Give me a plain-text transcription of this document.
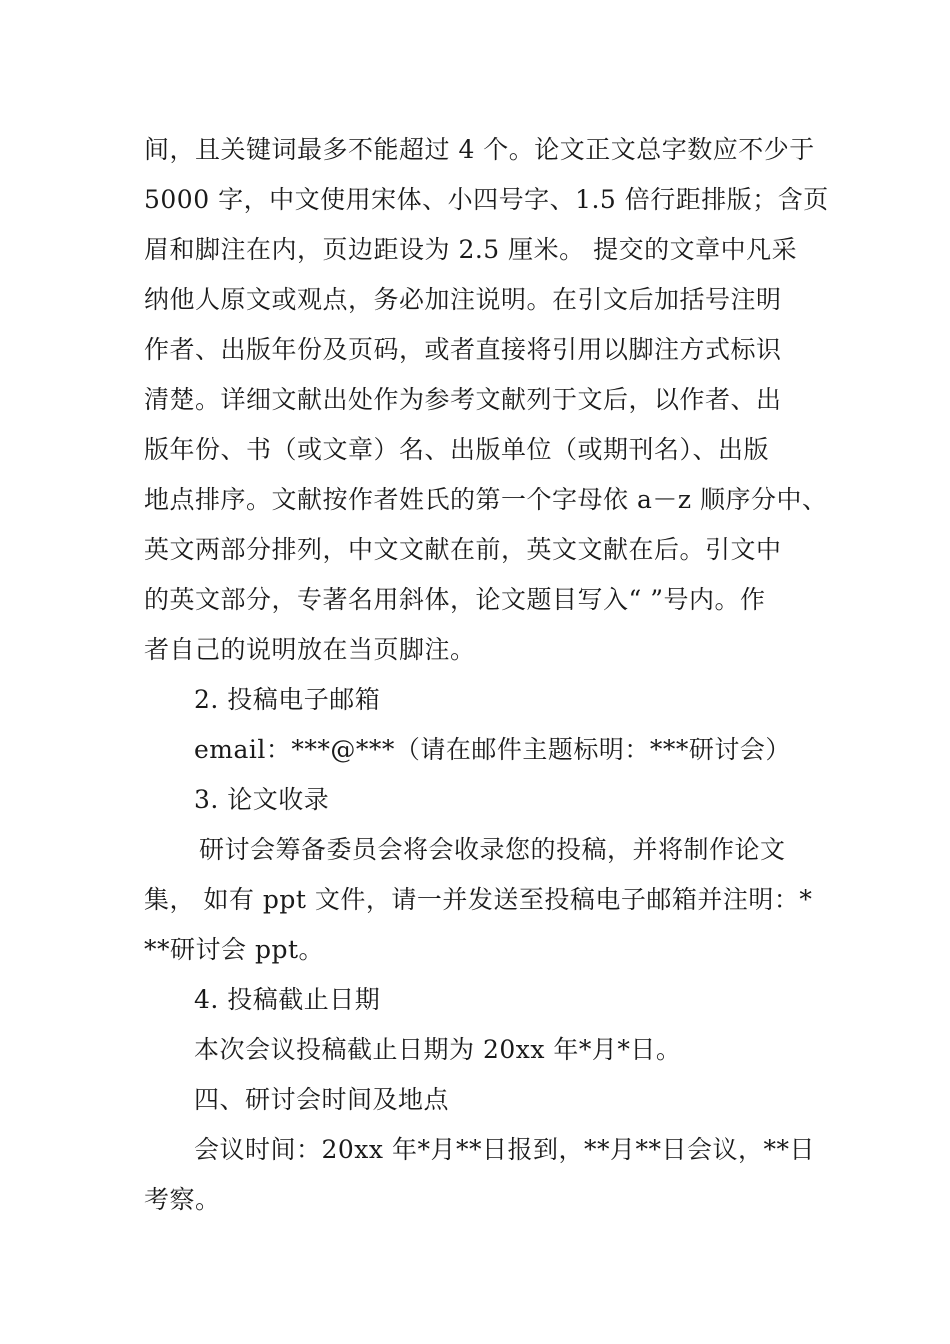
间，且关键词最多不能超过 4 个。论文正文总字数应不少于
5000 字，中文使用宋体、小四号字、1.5 倍行距排版；含页
眉和脚注在内，页边距设为 2.5 厘米。 提交的文章中凡采
纳他人原文或观点，务必加注说明。在引文后加括号注明
作者、出版年份及页码，或者直接将引用以脚注方式标识
清楚。详细文献出处作为参考文献列于文后，以作者、出
版年份、书（或文章）名、出版单位（或期刊名）、出版
地点排序。文献按作者姓氏的第一个字母依 a－z 顺序分中、
英文两部分排列，中文文献在前，英文文献在后。引文中
的英文部分，专著名用斜体，论文题目写入“ ”号内。作
者自己的说明放在当页脚注。
2. 投稿电子邮箱
email：***@***（请在邮件主题标明：***研讨会）
3. 论文收录
研讨会筹备委员会将会收录您的投稿，并将制作论文
集， 如有 ppt 文件，请一并发送至投稿电子邮箱并注明：*
**研讨会 ppt。
4. 投稿截止日期
本次会议投稿截止日期为 20xx 年*月*日。
四、研讨会时间及地点
会议时间：20xx 年*月**日报到，**月**日会议，**日
考察。
